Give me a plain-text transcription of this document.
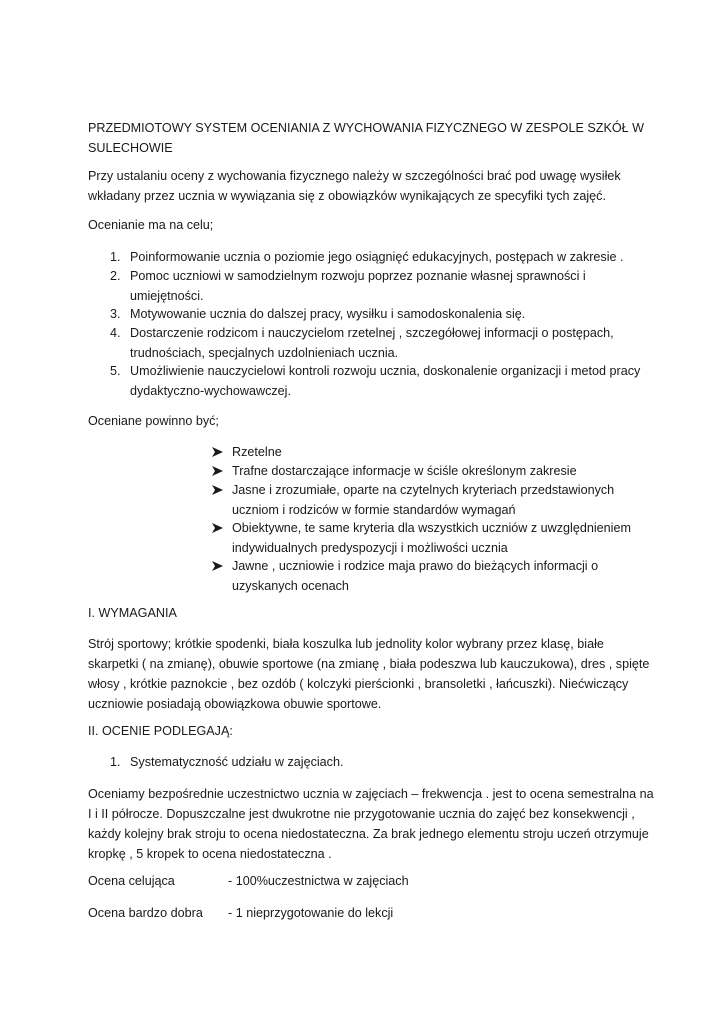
PRZEDMIOTOWY SYSTEM OCENIANIA Z WYCHOWANIA FIZYCZNEGO W ZESPOLE SZKÓŁ W
SULECHOWIE

Przy ustalaniu oceny z wychowania fizycznego należy w szczególności brać pod uwagę wysiłek
wkładany przez ucznia w wywiązania się z obowiązków wynikających ze specyfiki tych zajęć.

Ocenianie ma na celu;

1. Poinformowanie ucznia o poziomie jego osiągnięć edukacyjnych, postępach w zakresie .
2. Pomoc uczniowi w samodzielnym rozwoju poprzez poznanie własnej sprawności i
umiejętności.
3. Motywowanie ucznia do dalszej pracy, wysiłku i samodoskonalenia się.
4. Dostarczenie rodzicom i nauczycielom rzetelnej , szczegółowej informacji o postępach,
trudnościach, specjalnych uzdolnieniach ucznia.
5. Umożliwienie nauczycielowi kontroli rozwoju ucznia, doskonalenie organizacji i metod pracy
dydaktyczno-wychowawczej.

Oceniane powinno być;

Rzetelne
Trafne dostarczające informacje w ściśle określonym zakresie
Jasne i zrozumiałe, oparte na czytelnych kryteriach przedstawionych
uczniom i rodziców w formie standardów wymagań
Obiektywne, te same kryteria dla wszystkich uczniów z uwzględnieniem
indywidualnych predyspozycji i możliwości ucznia
Jawne , uczniowie i rodzice maja prawo do bieżących informacji o
uzyskanych ocenach

I. WYMAGANIA

Strój sportowy; krótkie spodenki, biała koszulka lub jednolity kolor wybrany przez klasę, białe
skarpetki ( na zmianę), obuwie sportowe (na zmianę , biała podeszwa lub kauczukowa), dres , spięte
włosy , krótkie paznokcie , bez ozdób ( kolczyki pierścionki , bransoletki , łańcuszki). Niećwiczący
uczniowie posiadają obowiązkowa obuwie sportowe.

II. OCENIE PODLEGAJĄ:

1. Systematyczność udziału w zajęciach.

Oceniamy bezpośrednie uczestnictwo ucznia w zajęciach – frekwencja . jest to ocena semestralna na
I i II półrocze. Dopuszczalne jest dwukrotne nie przygotowanie ucznia do zajęć bez konsekwencji ,
każdy kolejny brak stroju to ocena niedostateczna. Za brak jednego elementu stroju uczeń otrzymuje
kropkę , 5 kropek to ocena niedostateczna .

Ocena celująca	- 100%uczestnictwa w zajęciach
Ocena bardzo dobra - 1 nieprzygotowanie do lekcji
